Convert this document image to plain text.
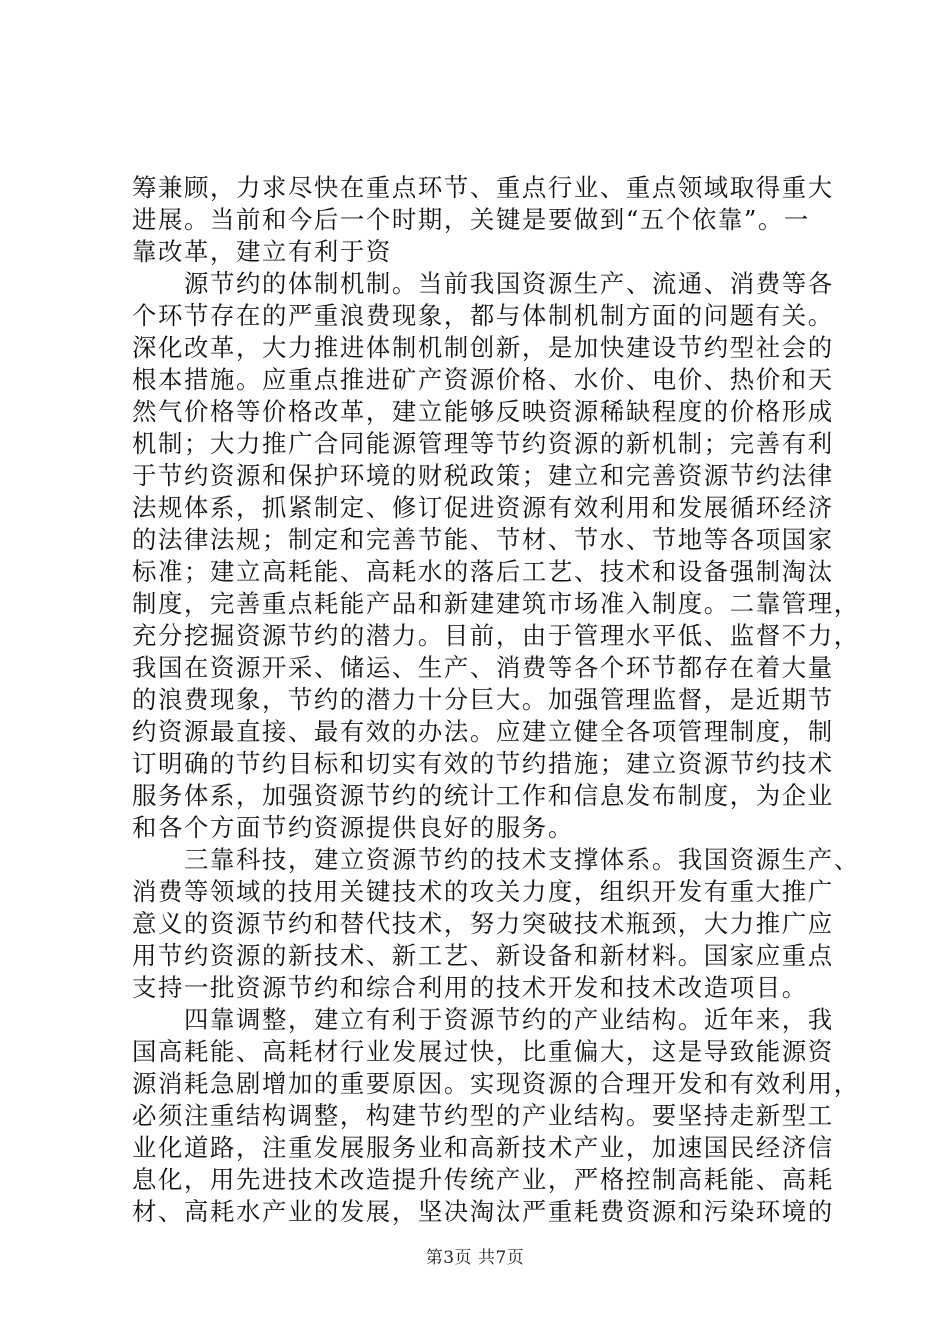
筹兼顾，力求尽快在重点环节、重点行业、重点领域取得重大
进展。当前和今后一个时期，关键是要做到“五个依靠”。一
靠改革，建立有利于资
源节约的体制机制。当前我国资源生产、流通、消费等各
个环节存在的严重浪费现象，都与体制机制方面的问题有关。
深化改革，大力推进体制机制创新，是加快建设节约型社会的
根本措施。应重点推进矿产资源价格、水价、电价、热价和天
然气价格等价格改革，建立能够反映资源稀缺程度的价格形成
机制；大力推广合同能源管理等节约资源的新机制；完善有利
于节约资源和保护环境的财税政策；建立和完善资源节约法律
法规体系，抓紧制定、修订促进资源有效利用和发展循环经济
的法律法规；制定和完善节能、节材、节水、节地等各项国家
标准；建立高耗能、高耗水的落后工艺、技术和设备强制淘汰
制度，完善重点耗能产品和新建建筑市场准入制度。二靠管理，
充分挖掘资源节约的潜力。目前，由于管理水平低、监督不力，
我国在资源开采、储运、生产、消费等各个环节都存在着大量
的浪费现象，节约的潜力十分巨大。加强管理监督，是近期节
约资源最直接、最有效的办法。应建立健全各项管理制度，制
订明确的节约目标和切实有效的节约措施；建立资源节约技术
服务体系，加强资源节约的统计工作和信息发布制度，为企业
和各个方面节约资源提供良好的服务。
三靠科技，建立资源节约的技术支撑体系。我国资源生产、
消费等领域的技用关键技术的攻关力度，组织开发有重大推广
意义的资源节约和替代技术，努力突破技术瓶颈，大力推广应
用节约资源的新技术、新工艺、新设备和新材料。国家应重点
支持一批资源节约和综合利用的技术开发和技术改造项目。
四靠调整，建立有利于资源节约的产业结构。近年来，我
国高耗能、高耗材行业发展过快，比重偏大，这是导致能源资
源消耗急剧增加的重要原因。实现资源的合理开发和有效利用，
必须注重结构调整，构建节约型的产业结构。要坚持走新型工
业化道路，注重发展服务业和高新技术产业，加速国民经济信
息化，用先进技术改造提升传统产业，严格控制高耗能、高耗
材、高耗水产业的发展，坚决淘汰严重耗费资源和污染环境的
第3页 共7页
